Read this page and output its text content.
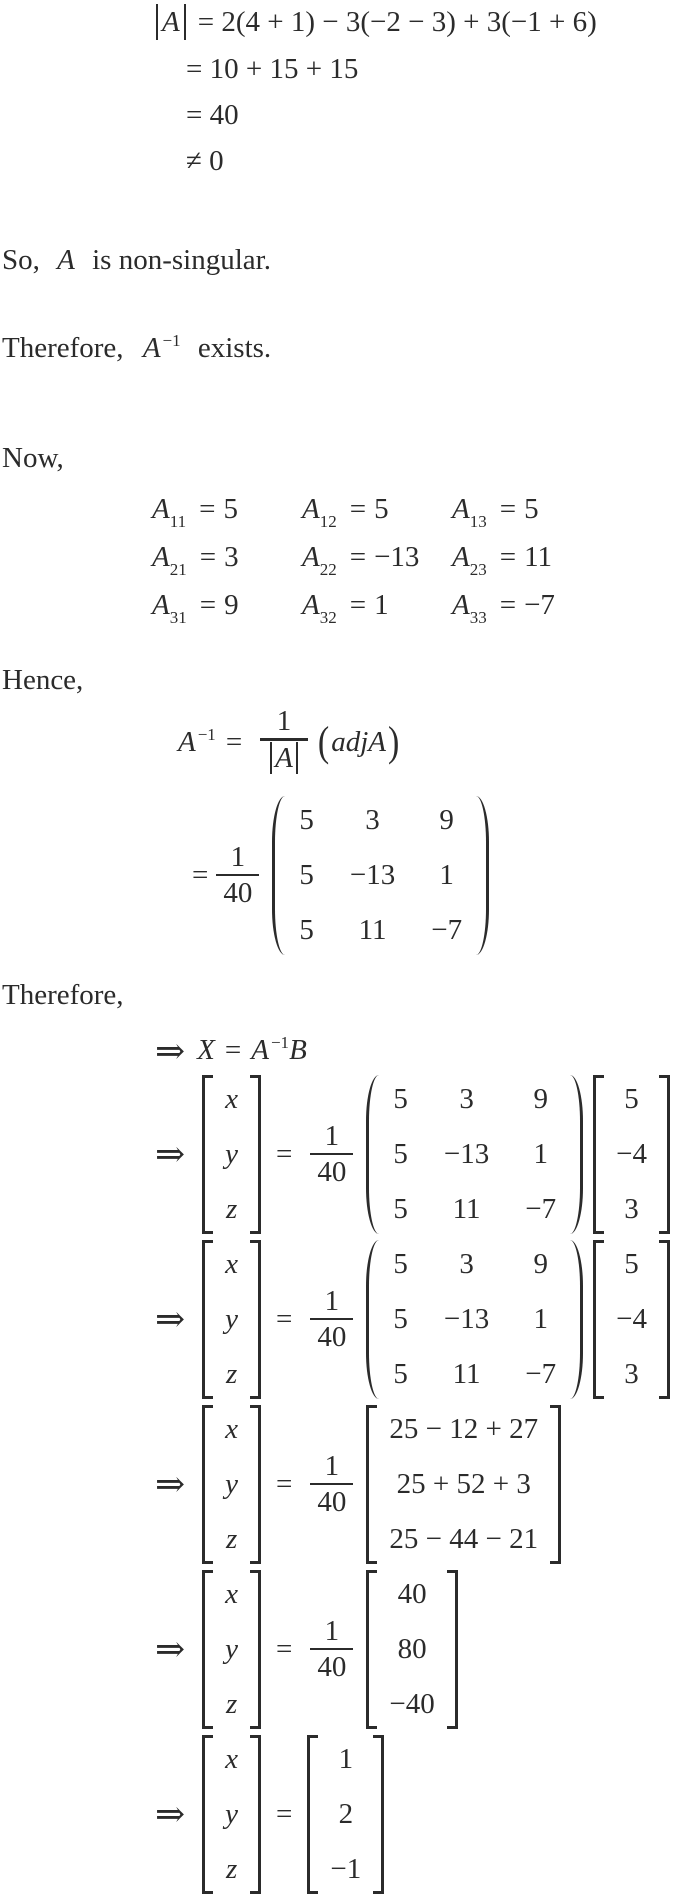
A = 2(4 + 1) − 3(−2 − 3) + 3(−1 + 6)
= 10 + 15 + 15
= 40
≠ 0

So, A is non-singular.

Therefore, A $^{-1}$ exists.

Now,

$A_{11} = 5$	$A_{12} = 5$	$A_{13} = 5$
$A_{21} = 3$	$A_{22} = -13$	$A_{23} = 11$
$A_{31} = 9$	$A_{32} = 1$	$A_{33} = -7$

Hence,

A $^{-1} = \frac{1}{A}$ ( adjA )
= $\frac{1}{40}$
5 3 9
5 −13 1
5 11 −7

Therefore,

⇒ X = A $^{-1}$ B
⇒
x
y
z
= $\frac{1}{40}$
5 3 9
5 −13 1
5 11 −7
5
−4
3
⇒
x
y
z
= $\frac{1}{40}$
5 3 9
5 −13 1
5 11 −7
5
−4
3
⇒
x
y
z
= $\frac{1}{40}$
25 − 12 + 27
25 + 52 + 3
25 − 44 − 21
⇒
x
y
z
= $\frac{1}{40}$
40
80
−40
⇒
x
y
z
=
1
2
−1
